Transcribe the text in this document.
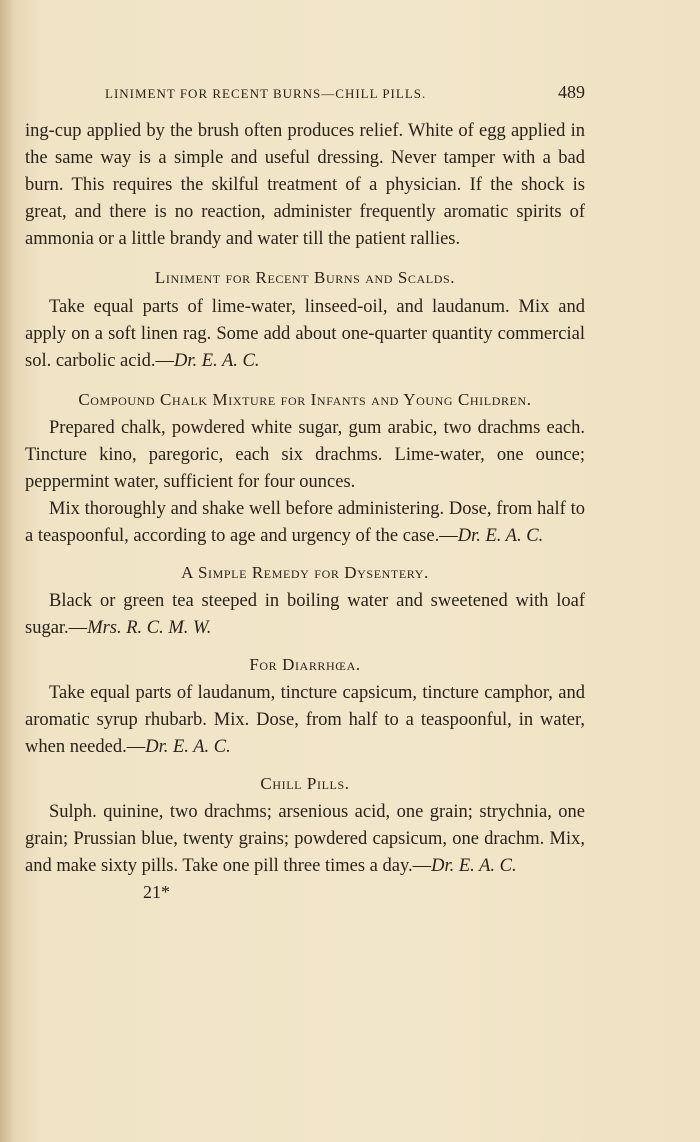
LINIMENT FOR RECENT BURNS—CHILL PILLS.	489

ing-cup applied by the brush often produces relief. White of egg applied in the same way is a simple and useful dressing. Never tamper with a bad burn. This requires the skilful treatment of a physician. If the shock is great, and there is no reaction, administer frequently aromatic spirits of ammonia or a little brandy and water till the patient rallies.

Liniment for Recent Burns and Scalds.

Take equal parts of lime-water, linseed-oil, and laudanum. Mix and apply on a soft linen rag. Some add about one-quarter quantity commercial sol. carbolic acid.—Dr. E. A. C.

Compound Chalk Mixture for Infants and Young Children.

Prepared chalk, powdered white sugar, gum arabic, two drachms each. Tincture kino, paregoric, each six drachms. Lime-water, one ounce; peppermint water, sufficient for four ounces.

Mix thoroughly and shake well before administering. Dose, from half to a teaspoonful, according to age and urgency of the case.—Dr. E. A. C.

A Simple Remedy for Dysentery.

Black or green tea steeped in boiling water and sweetened with loaf sugar.—Mrs. R. C. M. W.

For Diarrhœa.

Take equal parts of laudanum, tincture capsicum, tincture camphor, and aromatic syrup rhubarb. Mix. Dose, from half to a teaspoonful, in water, when needed.—Dr. E. A. C.

Chill Pills.

Sulph. quinine, two drachms; arsenious acid, one grain; strychnia, one grain; Prussian blue, twenty grains; powdered capsicum, one drachm. Mix, and make sixty pills. Take one pill three times a day.—Dr. E. A. C.

21*
